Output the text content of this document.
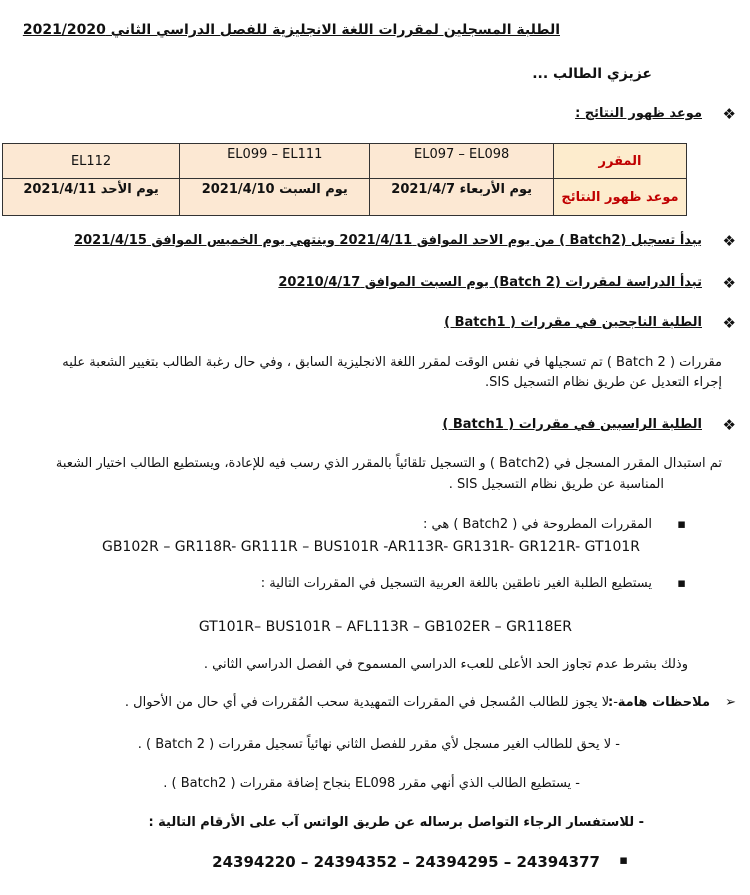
الطلبة المسجلين لمقررات اللغة الانجليزية للفصل الدراسي الثاني 2021/2020
عزيزي الطالب ...
❖
موعد ظهور النتائج :
المقرر	EL097 – EL098	EL099 – EL111	EL112
موعد ظهور النتائج	يوم الأربعاء 2021/4/7	يوم السبت 2021/4/10	يوم الأحد 2021/4/11
❖
يبدأ تسجيل (Batch2 ) من يوم الاحد الموافق 2021/4/11 وينتهي يوم الخميس الموافق 2021/4/15
❖
تبدأ الدراسة لمقررات (Batch 2) يوم السبت الموافق 20210/4/17
❖
الطلبة الناجحين في مقررات ( Batch1 )
مقررات ( Batch 2 ) تم تسجيلها في نفس الوقت لمقرر اللغة الانجليزية السابق ، وفي حال رغبة الطالب بتغيير الشعبة عليه
إجراء التعديل عن طريق نظام التسجيل SIS.
❖
الطلبة الراسبين في مقررات ( Batch1 )
تم استبدال المقرر المسجل في (Batch2 ) و التسجيل تلقائياً بالمقرر الذي رسب فيه للإعادة، ويستطيع الطالب اختيار الشعبة
المناسبة عن طريق نظام التسجيل SIS .
▪
المقررات المطروحة في ( Batch2 ) هي :
GB102R – GR118R- GR111R – BUS101R -AR113R- GR131R- GR121R- GT101R
▪
يستطيع الطلبة الغير ناطقين باللغة العربية التسجيل في المقررات التالية :
GT101R– BUS101R – AFL113R – GB102ER – GR118ER
وذلك بشرط عدم تجاوز الحد الأعلى للعبء الدراسي المسموح في الفصل الدراسي الثاني .
➢
ملاحظات هامة :
- لا يجوز للطالب المُسجل في المقررات التمهيدية سحب المُقررات في أي حال من الأحوال .
- لا يحق للطالب الغير مسجل لأي مقرر للفصل الثاني نهائياً تسجيل مقررات ( Batch 2 ) .
- يستطيع الطالب الذي أنهي مقرر EL098 بنجاح إضافة مقررات ( Batch2 ) .
- للاستفسار الرجاء التواصل برساله عن طريق الواتس آب على الأرقام التالية :
▪
24394220 – 24394352 – 24394295 – 24394377
